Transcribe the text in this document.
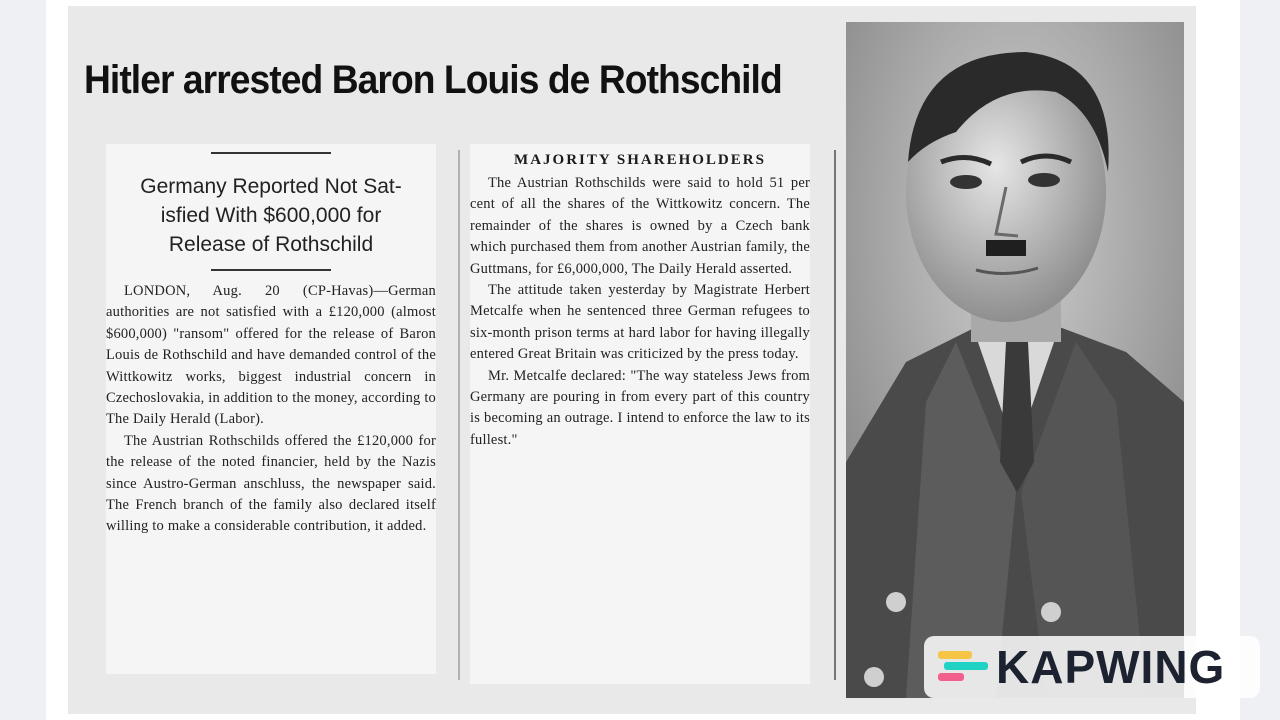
Hitler arrested Baron Louis de Rothschild
Germany Reported Not Sat-
isfied With $600,000 for
Release of Rothschild

LONDON, Aug. 20 (CP-Havas)—German authorities are not satisfied with a £120,000 (almost $600,000) "ransom" offered for the release of Baron Louis de Rothschild and have demanded control of the Wittkowitz works, biggest industrial concern in Czechoslovakia, in addition to the money, according to The Daily Herald (Labor).

The Austrian Rothschilds offered the £120,000 for the release of the noted financier, held by the Nazis since Austro-German anschluss, the newspaper said. The French branch of the family also declared itself willing to make a considerable contribution, it added.

MAJORITY SHAREHOLDERS

The Austrian Rothschilds were said to hold 51 per cent of all the shares of the Wittkowitz concern. The remainder of the shares is owned by a Czech bank which purchased them from another Austrian family, the Guttmans, for £6,000,000, The Daily Herald asserted.

The attitude taken yesterday by Magistrate Herbert Metcalfe when he sentenced three German refugees to six-month prison terms at hard labor for having illegally entered Great Britain was criticized by the press today.

Mr. Metcalfe declared: "The way stateless Jews from Germany are pouring in from every part of this country is becoming an outrage. I intend to enforce the law to its fullest."

KAPWING
